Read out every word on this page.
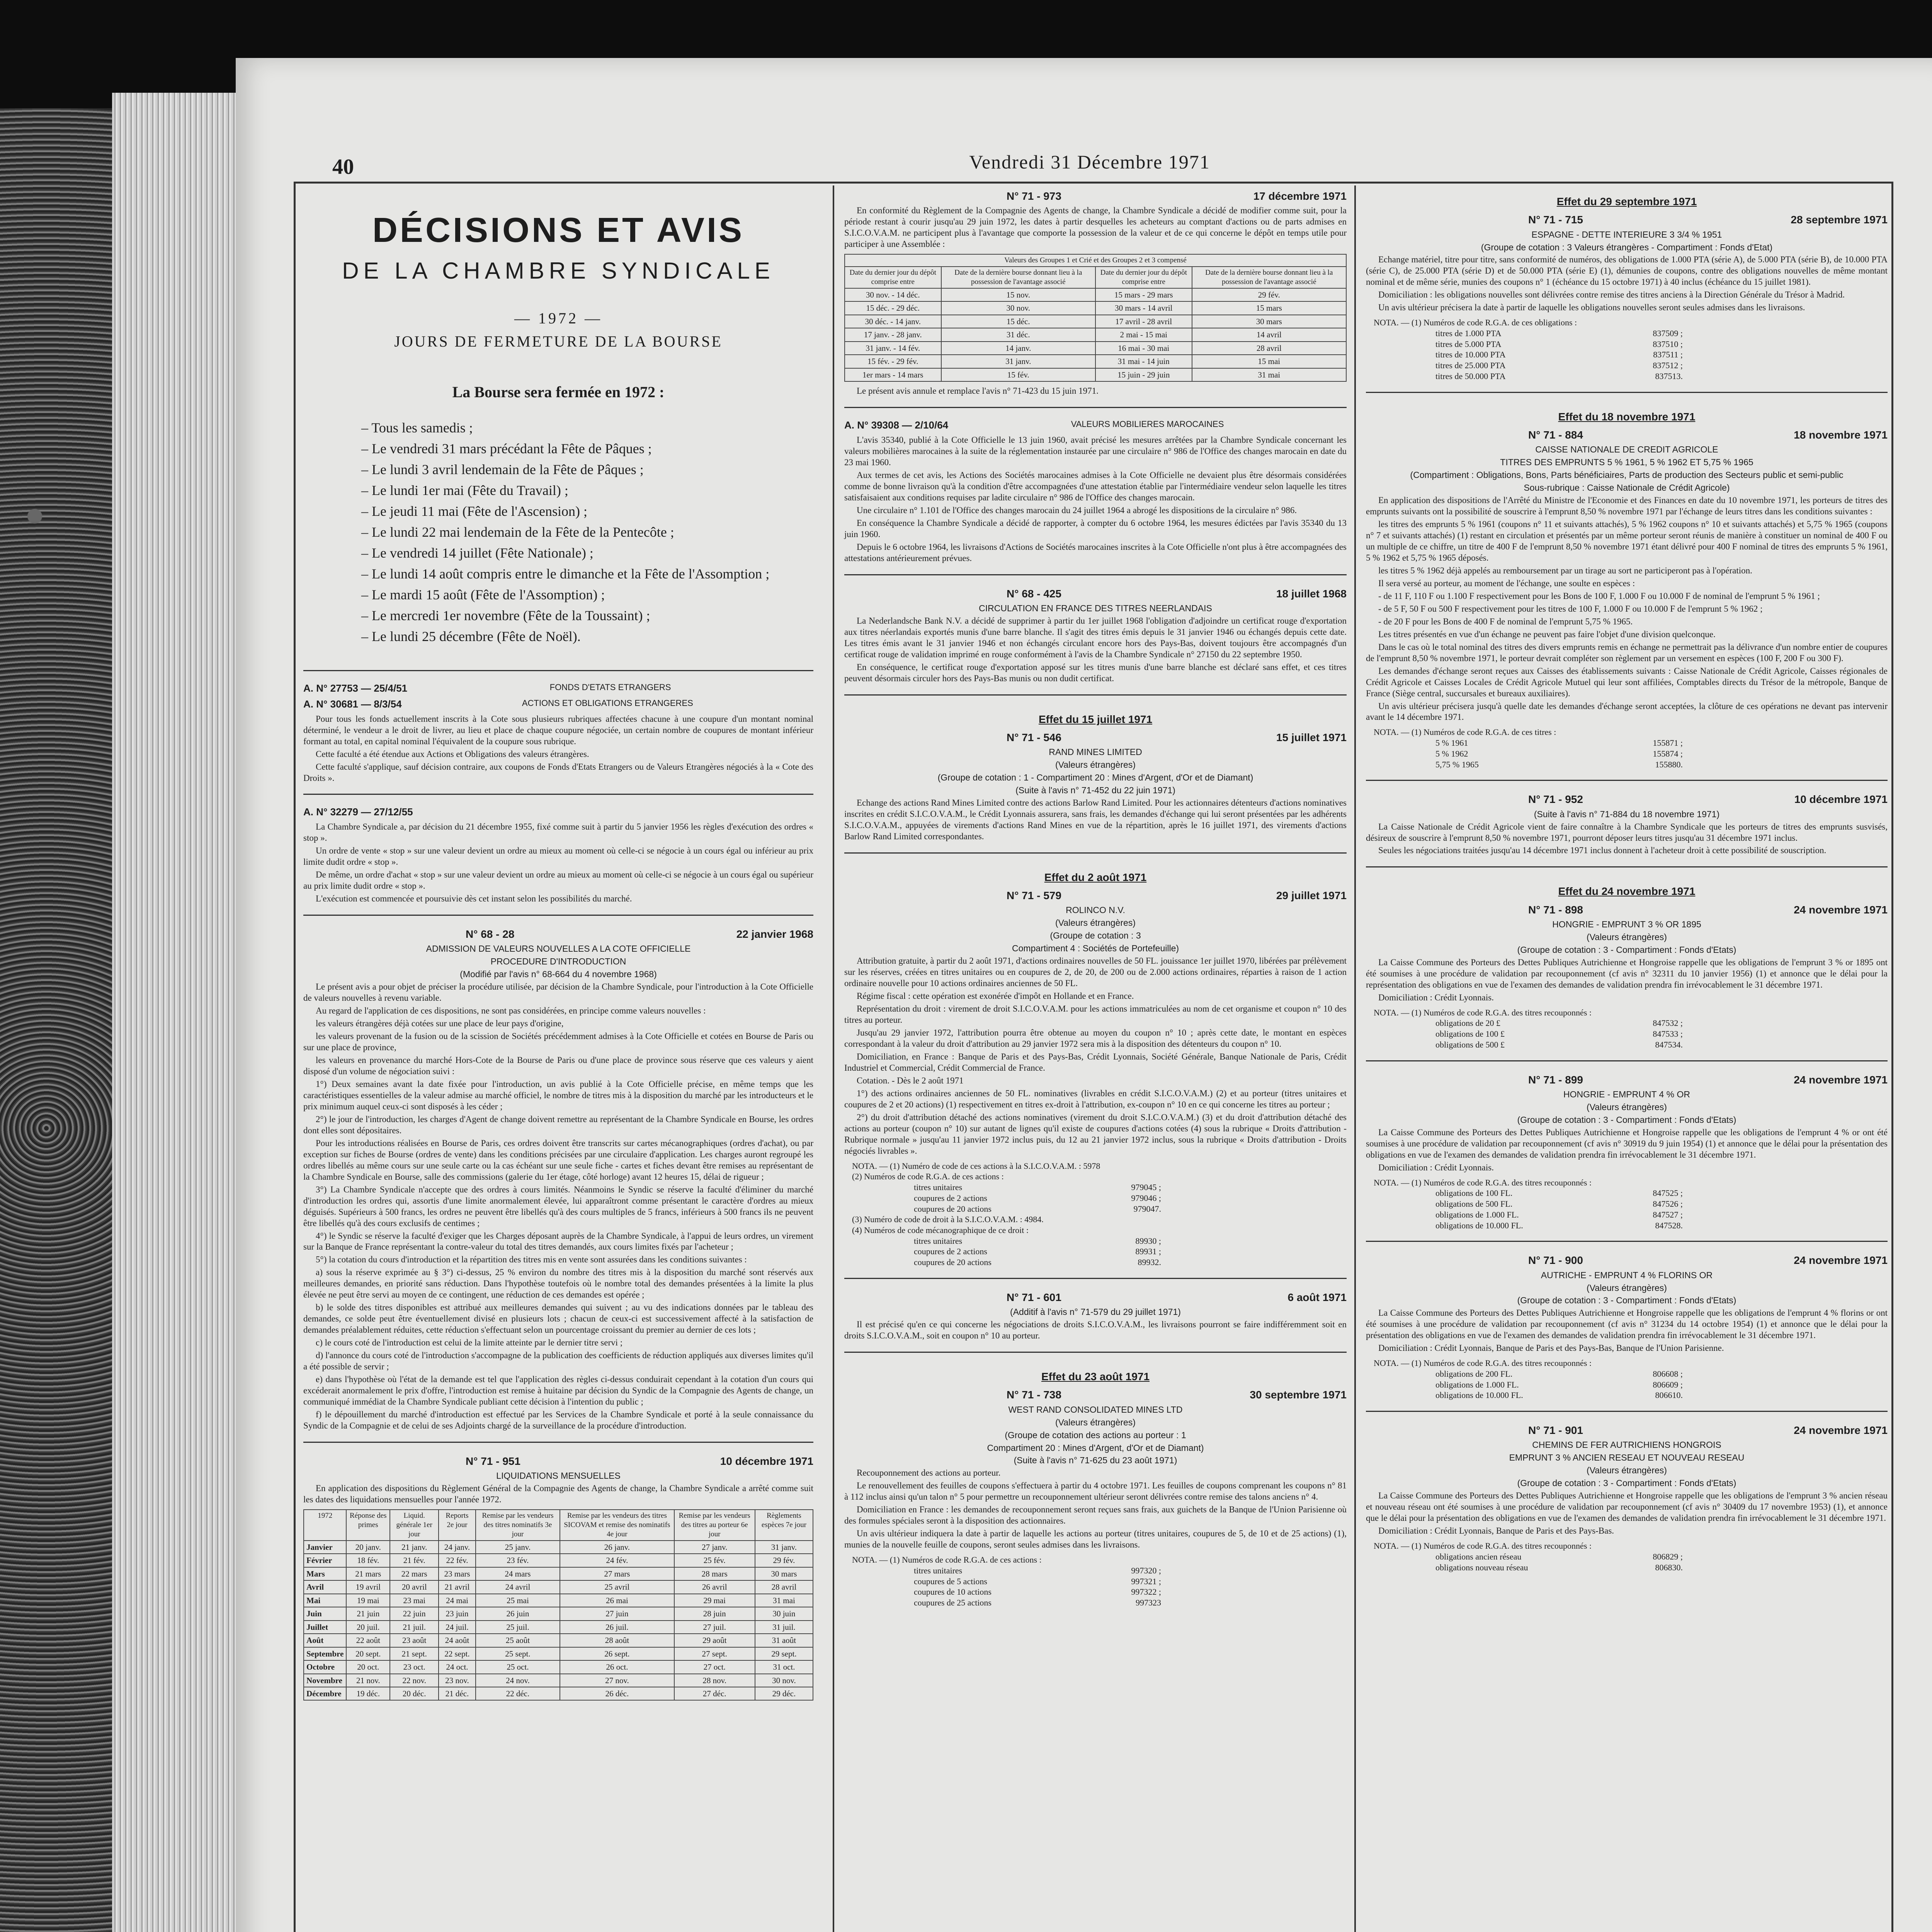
40	Vendredi 31 Décembre 1971
DÉCISIONS ET AVIS
DE LA CHAMBRE SYNDICALE
— 1972 —
JOURS DE FERMETURE DE LA BOURSE
La Bourse sera fermée en 1972 :
– Tous les samedis ;
– Le vendredi 31 mars précédant la Fête de Pâques ;
– Le lundi 3 avril lendemain de la Fête de Pâques ;
– Le lundi 1er mai (Fête du Travail) ;
– Le jeudi 11 mai (Fête de l'Ascension) ;
– Le lundi 22 mai lendemain de la Fête de la Pentecôte ;
– Le vendredi 14 juillet (Fête Nationale) ;
– Le lundi 14 août compris entre le dimanche et la Fête de l'Assomption ;
– Le mardi 15 août (Fête de l'Assomption) ;
– Le mercredi 1er novembre (Fête de la Toussaint) ;
– Le lundi 25 décembre (Fête de Noël).
A. N° 27753 — 25/4/51	FONDS D'ETATS ETRANGERS
A. N° 30681 — 8/3/54	ACTIONS ET OBLIGATIONS ETRANGERES

Pour tous les fonds actuellement inscrits à la Cote sous plusieurs rubriques affectées chacune à une coupure d'un montant nominal déterminé, le vendeur a le droit de livrer, au lieu et place de chaque coupure négociée, un certain nombre de coupures de montant inférieur formant au total, en capital nominal l'équivalent de la coupure sous rubrique.

Cette faculté a été étendue aux Actions et Obligations des valeurs étrangères.

Cette faculté s'applique, sauf décision contraire, aux coupons de Fonds d'Etats Etrangers ou de Valeurs Etrangères négociés à la « Cote des Droits ».

A. N° 32279 — 27/12/55

La Chambre Syndicale a, par décision du 21 décembre 1955, fixé comme suit à partir du 5 janvier 1956 les règles d'exécution des ordres « stop ».

Un ordre de vente « stop » sur une valeur devient un ordre au mieux au moment où celle-ci se négocie à un cours égal ou inférieur au prix limite dudit ordre « stop ».

De même, un ordre d'achat « stop » sur une valeur devient un ordre au mieux au moment où celle-ci se négocie à un cours égal ou supérieur au prix limite dudit ordre « stop ».

L'exécution est commencée et poursuivie dès cet instant selon les possibilités du marché.

N° 68 - 28	22 janvier 1968
ADMISSION DE VALEURS NOUVELLES A LA COTE OFFICIELLE
PROCEDURE D'INTRODUCTION
(Modifié par l'avis n° 68-664 du 4 novembre 1968)

Le présent avis a pour objet de préciser la procédure utilisée, par décision de la Chambre Syndicale, pour l'introduction à la Cote Officielle de valeurs nouvelles à revenu variable.

Au regard de l'application de ces dispositions, ne sont pas considérées, en principe comme valeurs nouvelles :

les valeurs étrangères déjà cotées sur une place de leur pays d'origine,

les valeurs provenant de la fusion ou de la scission de Sociétés précédemment admises à la Cote Officielle et cotées en Bourse de Paris ou sur une place de province,

les valeurs en provenance du marché Hors-Cote de la Bourse de Paris ou d'une place de province sous réserve que ces valeurs y aient disposé d'un volume de négociation suivi :

1°) Deux semaines avant la date fixée pour l'introduction, un avis publié à la Cote Officielle précise, en même temps que les caractéristiques essentielles de la valeur admise au marché officiel, le nombre de titres mis à la disposition du marché par les introducteurs et le prix minimum auquel ceux-ci sont disposés à les céder ;

2°) le jour de l'introduction, les charges d'Agent de change doivent remettre au représentant de la Chambre Syndicale en Bourse, les ordres dont elles sont dépositaires.

Pour les introductions réalisées en Bourse de Paris, ces ordres doivent être transcrits sur cartes mécanographiques (ordres d'achat), ou par exception sur fiches de Bourse (ordres de vente) dans les conditions précisées par une circulaire d'application. Les charges auront regroupé les ordres libellés au même cours sur une seule carte ou la cas échéant sur une seule fiche - cartes et fiches devant être remises au représentant de la Chambre Syndicale en Bourse, salle des commissions (galerie du 1er étage, côté horloge) avant 12 heures 15, délai de rigueur ;

3°) La Chambre Syndicale n'accepte que des ordres à cours limités. Néanmoins le Syndic se réserve la faculté d'éliminer du marché d'introduction les ordres qui, assortis d'une limite anormalement élevée, lui apparaîtront comme présentant le caractère d'ordres au mieux déguisés. Supérieurs à 500 francs, les ordres ne peuvent être libellés qu'à des cours multiples de 5 francs, inférieurs à 500 francs ils ne peuvent être libellés qu'à des cours exclusifs de centimes ;

4°) le Syndic se réserve la faculté d'exiger que les Charges déposant auprès de la Chambre Syndicale, à l'appui de leurs ordres, un virement sur la Banque de France représentant la contre-valeur du total des titres demandés, aux cours limites fixés par l'acheteur ;

5°) la cotation du cours d'introduction et la répartition des titres mis en vente sont assurées dans les conditions suivantes :

a) sous la réserve exprimée au § 3°) ci-dessus, 25 % environ du nombre des titres mis à la disposition du marché sont réservés aux meilleures demandes, en priorité sans réduction. Dans l'hypothèse toutefois où le nombre total des demandes présentées à la limite la plus élevée ne peut être servi au moyen de ce contingent, une réduction de ces demandes est opérée ;

b) le solde des titres disponibles est attribué aux meilleures demandes qui suivent ; au vu des indications données par le tableau des demandes, ce solde peut être éventuellement divisé en plusieurs lots ; chacun de ceux-ci est successivement affecté à la satisfaction de demandes préalablement réduites, cette réduction s'effectuant selon un pourcentage croissant du premier au dernier de ces lots ;

c) le cours coté de l'introduction est celui de la limite atteinte par le dernier titre servi ;

d) l'annonce du cours coté de l'introduction s'accompagne de la publication des coefficients de réduction appliqués aux diverses limites qu'il a été possible de servir ;

e) dans l'hypothèse où l'état de la demande est tel que l'application des règles ci-dessus conduirait cependant à la cotation d'un cours qui excéderait anormalement le prix d'offre, l'introduction est remise à huitaine par décision du Syndic de la Compagnie des Agents de change, un communiqué immédiat de la Chambre Syndicale publiant cette décision à l'intention du public ;

f) le dépouillement du marché d'introduction est effectué par les Services de la Chambre Syndicale et porté à la seule connaissance du Syndic de la Compagnie et de celui de ses Adjoints chargé de la surveillance de la procédure d'introduction.

N° 71 - 951	10 décembre 1971
LIQUIDATIONS MENSUELLES

En application des dispositions du Règlement Général de la Compagnie des Agents de change, la Chambre Syndicale a arrêté comme suit les dates des liquidations mensuelles pour l'année 1972.

1972	Réponse des primes	Liquid. générale 1er jour	Reports 2e jour	Remise par les vendeurs des titres nominatifs 3e jour	Remise par les vendeurs des titres SICOVAM et remise des nominatifs 4e jour	Remise par les vendeurs des titres au porteur 6e jour	Règlements espèces 7e jour
Janvier	20 janv.	21 janv.	24 janv.	25 janv.	26 janv.	27 janv.	31 janv.
Février	18 fév.	21 fév.	22 fév.	23 fév.	24 fév.	25 fév.	29 fév.
Mars	21 mars	22 mars	23 mars	24 mars	27 mars	28 mars	30 mars
Avril	19 avril	20 avril	21 avril	24 avril	25 avril	26 avril	28 avril
Mai	19 mai	23 mai	24 mai	25 mai	26 mai	29 mai	31 mai
Juin	21 juin	22 juin	23 juin	26 juin	27 juin	28 juin	30 juin
Juillet	20 juil.	21 juil.	24 juil.	25 juil.	26 juil.	27 juil.	31 juil.
Août	22 août	23 août	24 août	25 août	28 août	29 août	31 août
Septembre	20 sept.	21 sept.	22 sept.	25 sept.	26 sept.	27 sept.	29 sept.
Octobre	20 oct.	23 oct.	24 oct.	25 oct.	26 oct.	27 oct.	31 oct.
Novembre	21 nov.	22 nov.	23 nov.	24 nov.	27 nov.	28 nov.	30 nov.
Décembre	19 déc.	20 déc.	21 déc.	22 déc.	26 déc.	27 déc.	29 déc.
N° 71 - 973	17 décembre 1971

En conformité du Règlement de la Compagnie des Agents de change, la Chambre Syndicale a décidé de modifier comme suit, pour la période restant à courir jusqu'au 29 juin 1972, les dates à partir desquelles les acheteurs au comptant d'actions ou de parts admises en S.I.C.O.V.A.M. ne participent plus à l'avantage que comporte la possession de la valeur et de ce qui concerne le dépôt en temps utile pour participer à une Assemblée :

Valeurs des Groupes 1 et Crié et des Groupes 2 et 3 compensé			
Date du dernier jour du dépôt comprise entre	Date de la dernière bourse donnant lieu à la possession de l'avantage associé	Date du dernier jour du dépôt comprise entre	Date de la dernière bourse donnant lieu à la possession de l'avantage associé
30 nov. - 14 déc.	15 nov.	15 mars - 29 mars	29 fév.
15 déc. - 29 déc.	30 nov.	30 mars - 14 avril	15 mars
30 déc. - 14 janv.	15 déc.	17 avril - 28 avril	30 mars
17 janv. - 28 janv.	31 déc.	2 mai - 15 mai	14 avril
31 janv. - 14 fév.	14 janv.	16 mai - 30 mai	28 avril
15 fév. - 29 fév.	31 janv.	31 mai - 14 juin	15 mai
1er mars - 14 mars	15 fév.	15 juin - 29 juin	31 mai

Le présent avis annule et remplace l'avis n° 71-423 du 15 juin 1971.

A. N° 39308 — 2/10/64	VALEURS MOBILIERES MAROCAINES

L'avis 35340, publié à la Cote Officielle le 13 juin 1960, avait précisé les mesures arrêtées par la Chambre Syndicale concernant les valeurs mobilières marocaines à la suite de la réglementation instaurée par une circulaire n° 986 de l'Office des changes marocain en date du 23 mai 1960.

Aux termes de cet avis, les Actions des Sociétés marocaines admises à la Cote Officielle ne devaient plus être désormais considérées comme de bonne livraison qu'à la condition d'être accompagnées d'une attestation établie par l'intermédiaire vendeur selon laquelle les titres satisfaisaient aux conditions requises par ladite circulaire n° 986 de l'Office des changes marocain.

Une circulaire n° 1.101 de l'Office des changes marocain du 24 juillet 1964 a abrogé les dispositions de la circulaire n° 986.

En conséquence la Chambre Syndicale a décidé de rapporter, à compter du 6 octobre 1964, les mesures édictées par l'avis 35340 du 13 juin 1960.

Depuis le 6 octobre 1964, les livraisons d'Actions de Sociétés marocaines inscrites à la Cote Officielle n'ont plus à être accompagnées des attestations antérieurement prévues.

N° 68 - 425	18 juillet 1968
CIRCULATION EN FRANCE DES TITRES NEERLANDAIS

La Nederlandsche Bank N.V. a décidé de supprimer à partir du 1er juillet 1968 l'obligation d'adjoindre un certificat rouge d'exportation aux titres néerlandais exportés munis d'une barre blanche. Il s'agit des titres émis depuis le 31 janvier 1946 ou échangés depuis cette date. Les titres émis avant le 31 janvier 1946 et non échangés circulant encore hors des Pays-Bas, doivent toujours être accompagnés d'un certificat rouge de validation imprimé en rouge conformément à l'avis de la Chambre Syndicale n° 27150 du 22 septembre 1950.

En conséquence, le certificat rouge d'exportation apposé sur les titres munis d'une barre blanche est déclaré sans effet, et ces titres peuvent désormais circuler hors des Pays-Bas munis ou non dudit certificat.

Effet du 15 juillet 1971
N° 71 - 546	15 juillet 1971
RAND MINES LIMITED
(Valeurs étrangères)
(Groupe de cotation : 1 - Compartiment 20 : Mines d'Argent, d'Or et de Diamant)
(Suite à l'avis n° 71-452 du 22 juin 1971)

Echange des actions Rand Mines Limited contre des actions Barlow Rand Limited. Pour les actionnaires détenteurs d'actions nominatives inscrites en crédit S.I.C.O.V.A.M., le Crédit Lyonnais assurera, sans frais, les demandes d'échange qui lui seront présentées par les adhérents S.I.C.O.V.A.M., appuyées de virements d'actions Rand Mines en vue de la répartition, après le 16 juillet 1971, des virements d'actions Barlow Rand Limited correspondantes.

Effet du 2 août 1971
N° 71 - 579	29 juillet 1971
ROLINCO N.V.
(Valeurs étrangères)
(Groupe de cotation : 3
Compartiment 4 : Sociétés de Portefeuille)

Attribution gratuite, à partir du 2 août 1971, d'actions ordinaires nouvelles de 50 FL. jouissance 1er juillet 1970, libérées par prélèvement sur les réserves, créées en titres unitaires ou en coupures de 2, de 20, de 200 ou de 2.000 actions ordinaires, réparties à raison de 1 action ordinaire nouvelle pour 10 actions ordinaires anciennes de 50 FL.

Régime fiscal : cette opération est exonérée d'impôt en Hollande et en France.

Représentation du droit : virement de droit S.I.C.O.V.A.M. pour les actions immatriculées au nom de cet organisme et coupon n° 10 des titres au porteur.

Jusqu'au 29 janvier 1972, l'attribution pourra être obtenue au moyen du coupon n° 10 ; après cette date, le montant en espèces correspondant à la valeur du droit d'attribution au 29 janvier 1972 sera mis à la disposition des détenteurs du coupon n° 10.

Domiciliation, en France : Banque de Paris et des Pays-Bas, Crédit Lyonnais, Société Générale, Banque Nationale de Paris, Crédit Industriel et Commercial, Crédit Commercial de France.

Cotation. - Dès le 2 août 1971

1°) des actions ordinaires anciennes de 50 FL. nominatives (livrables en crédit S.I.C.O.V.A.M.) (2) et au porteur (titres unitaires et coupures de 2 et 20 actions) (1) respectivement en titres ex-droit à l'attribution, ex-coupon n° 10 en ce qui concerne les titres au porteur ;

2°) du droit d'attribution détaché des actions nominatives (virement du droit S.I.C.O.V.A.M.) (3) et du droit d'attribution détaché des actions au porteur (coupon n° 10) sur autant de lignes qu'il existe de coupures d'actions cotées (4) sous la rubrique « Droits d'attribution - Rubrique normale » jusqu'au 11 janvier 1972 inclus puis, du 12 au 21 janvier 1972 inclus, sous la rubrique « Droits d'attribution - Droits négociés livrables ».

NOTA. — (1) Numéro de code de ces actions à la S.I.C.O.V.A.M. : 5978
(2) Numéros de code R.G.A. de ces actions :
titres unitaires	979045 ;
coupures de 2 actions	979046 ;
coupures de 20 actions	979047.
(3) Numéro de code de droit à la S.I.C.O.V.A.M. : 4984.
(4) Numéros de code mécanographique de ce droit :
titres unitaires	89930 ;
coupures de 2 actions	89931 ;
coupures de 20 actions	89932.
N° 71 - 601	6 août 1971
(Additif à l'avis n° 71-579 du 29 juillet 1971)

Il est précisé qu'en ce qui concerne les négociations de droits S.I.C.O.V.A.M., les livraisons pourront se faire indifféremment soit en droits S.I.C.O.V.A.M., soit en coupon n° 10 au porteur.

Effet du 23 août 1971
N° 71 - 738	30 septembre 1971
WEST RAND CONSOLIDATED MINES LTD
(Valeurs étrangères)
(Groupe de cotation des actions au porteur : 1
Compartiment 20 : Mines d'Argent, d'Or et de Diamant)
(Suite à l'avis n° 71-625 du 23 août 1971)

Recouponnement des actions au porteur.

Le renouvellement des feuilles de coupons s'effectuera à partir du 4 octobre 1971. Les feuilles de coupons comprenant les coupons n° 81 à 112 inclus ainsi qu'un talon n° 5 pour permettre un recouponnement ultérieur seront délivrées contre remise des talons anciens n° 4.

Domiciliation en France : les demandes de recouponnement seront reçues sans frais, aux guichets de la Banque de l'Union Parisienne où des formules spéciales seront à la disposition des actionnaires.

Un avis ultérieur indiquera la date à partir de laquelle les actions au porteur (titres unitaires, coupures de 5, de 10 et de 25 actions) (1), munies de la nouvelle feuille de coupons, seront seules admises dans les livraisons.

NOTA. — (1) Numéros de code R.G.A. de ces actions :
titres unitaires	997320 ;
coupures de 5 actions	997321 ;
coupures de 10 actions	997322 ;
coupures de 25 actions	997323
Effet du 29 septembre 1971
N° 71 - 715	28 septembre 1971
ESPAGNE - DETTE INTERIEURE 3 3/4 % 1951
(Groupe de cotation : 3 Valeurs étrangères - Compartiment : Fonds d'Etat)

Echange matériel, titre pour titre, sans conformité de numéros, des obligations de 1.000 PTA (série A), de 5.000 PTA (série B), de 10.000 PTA (série C), de 25.000 PTA (série D) et de 50.000 PTA (série E) (1), démunies de coupons, contre des obligations nouvelles de même montant nominal et de même série, munies des coupons n° 1 (échéance du 15 octobre 1971) à 40 inclus (échéance du 15 juillet 1981).

Domiciliation : les obligations nouvelles sont délivrées contre remise des titres anciens à la Direction Générale du Trésor à Madrid.

Un avis ultérieur précisera la date à partir de laquelle les obligations nouvelles seront seules admises dans les livraisons.

NOTA. — (1) Numéros de code R.G.A. de ces obligations :
titres de 1.000 PTA	837509 ;
titres de 5.000 PTA	837510 ;
titres de 10.000 PTA	837511 ;
titres de 25.000 PTA	837512 ;
titres de 50.000 PTA	837513.
Effet du 18 novembre 1971
N° 71 - 884	18 novembre 1971
CAISSE NATIONALE DE CREDIT AGRICOLE
TITRES DES EMPRUNTS 5 % 1961, 5 % 1962 ET 5,75 % 1965
(Compartiment : Obligations, Bons, Parts bénéficiaires, Parts de production des Secteurs public et semi-public
Sous-rubrique : Caisse Nationale de Crédit Agricole)

En application des dispositions de l'Arrêté du Ministre de l'Economie et des Finances en date du 10 novembre 1971, les porteurs de titres des emprunts suivants ont la possibilité de souscrire à l'emprunt 8,50 % novembre 1971 par l'échange de leurs titres dans les conditions suivantes :

les titres des emprunts 5 % 1961 (coupons n° 11 et suivants attachés), 5 % 1962 coupons n° 10 et suivants attachés) et 5,75 % 1965 (coupons n° 7 et suivants attachés) (1) restant en circulation et présentés par un même porteur seront réunis de manière à constituer un nominal de 400 F ou un multiple de ce chiffre, un titre de 400 F de l'emprunt 8,50 % novembre 1971 étant délivré pour 400 F nominal de titres des emprunts 5 % 1961, 5 % 1962 et 5,75 % 1965 déposés.

les titres 5 % 1962 déjà appelés au remboursement par un tirage au sort ne participeront pas à l'opération.

Il sera versé au porteur, au moment de l'échange, une soulte en espèces :

- de 11 F, 110 F ou 1.100 F respectivement pour les Bons de 100 F, 1.000 F ou 10.000 F de nominal de l'emprunt 5 % 1961 ;

- de 5 F, 50 F ou 500 F respectivement pour les titres de 100 F, 1.000 F ou 10.000 F de l'emprunt 5 % 1962 ;

- de 20 F pour les Bons de 400 F de nominal de l'emprunt 5,75 % 1965.

Les titres présentés en vue d'un échange ne peuvent pas faire l'objet d'une division quelconque.

Dans le cas où le total nominal des titres des divers emprunts remis en échange ne permettrait pas la délivrance d'un nombre entier de coupures de l'emprunt 8,50 % novembre 1971, le porteur devrait compléter son règlement par un versement en espèces (100 F, 200 F ou 300 F).

Les demandes d'échange seront reçues aux Caisses des établissements suivants : Caisse Nationale de Crédit Agricole, Caisses régionales de Crédit Agricole et Caisses Locales de Crédit Agricole Mutuel qui leur sont affiliées, Comptables directs du Trésor de la métropole, Banque de France (Siège central, succursales et bureaux auxiliaires).

Un avis ultérieur précisera jusqu'à quelle date les demandes d'échange seront acceptées, la clôture de ces opérations ne devant pas intervenir avant le 14 décembre 1971.

NOTA. — (1) Numéros de code R.G.A. de ces titres :
5 % 1961	155871 ;
5 % 1962	155874 ;
5,75 % 1965	155880.
N° 71 - 952	10 décembre 1971
(Suite à l'avis n° 71-884 du 18 novembre 1971)

La Caisse Nationale de Crédit Agricole vient de faire connaître à la Chambre Syndicale que les porteurs de titres des emprunts susvisés, désireux de souscrire à l'emprunt 8,50 % novembre 1971, pourront déposer leurs titres jusqu'au 31 décembre 1971 inclus.

Seules les négociations traitées jusqu'au 14 décembre 1971 inclus donnent à l'acheteur droit à cette possibilité de souscription.

Effet du 24 novembre 1971
N° 71 - 898	24 novembre 1971
HONGRIE - EMPRUNT 3 % OR 1895
(Valeurs étrangères)
(Groupe de cotation : 3 - Compartiment : Fonds d'Etats)

La Caisse Commune des Porteurs des Dettes Publiques Autrichienne et Hongroise rappelle que les obligations de l'emprunt 3 % or 1895 ont été soumises à une procédure de validation par recouponnement (cf avis n° 32311 du 10 janvier 1956) (1) et annonce que le délai pour la représentation des obligations en vue de l'examen des demandes de validation prendra fin irrévocablement le 31 décembre 1971.

Domiciliation : Crédit Lyonnais.

NOTA. — (1) Numéros de code R.G.A. des titres recouponnés :
obligations de 20 £	847532 ;
obligations de 100 £	847533 ;
obligations de 500 £	847534.
N° 71 - 899	24 novembre 1971
HONGRIE - EMPRUNT 4 % OR
(Valeurs étrangères)
(Groupe de cotation : 3 - Compartiment : Fonds d'Etats)

La Caisse Commune des Porteurs des Dettes Publiques Autrichienne et Hongroise rappelle que les obligations de l'emprunt 4 % or ont été soumises à une procédure de validation par recouponnement (cf avis n° 30919 du 9 juin 1954) (1) et annonce que le délai pour la présentation des obligations en vue de l'examen des demandes de validation prendra fin irrévocablement le 31 décembre 1971.

Domiciliation : Crédit Lyonnais.

NOTA. — (1) Numéros de code R.G.A. des titres recouponnés :
obligations de 100 FL.	847525 ;
obligations de 500 FL.	847526 ;
obligations de 1.000 FL.	847527 ;
obligations de 10.000 FL.	847528.
N° 71 - 900	24 novembre 1971
AUTRICHE - EMPRUNT 4 % FLORINS OR
(Valeurs étrangères)
(Groupe de cotation : 3 - Compartiment : Fonds d'Etats)

La Caisse Commune des Porteurs des Dettes Publiques Autrichienne et Hongroise rappelle que les obligations de l'emprunt 4 % florins or ont été soumises à une procédure de validation par recouponnement (cf avis n° 31234 du 14 octobre 1954) (1) et annonce que le délai pour la présentation des obligations en vue de l'examen des demandes de validation prendra fin irrévocablement le 31 décembre 1971.

Domiciliation : Crédit Lyonnais, Banque de Paris et des Pays-Bas, Banque de l'Union Parisienne.

NOTA. — (1) Numéros de code R.G.A. des titres recouponnés :
obligations de 200 FL.	806608 ;
obligations de 1.000 FL.	806609 ;
obligations de 10.000 FL.	806610.
N° 71 - 901	24 novembre 1971
CHEMINS DE FER AUTRICHIENS HONGROIS
EMPRUNT 3 % ANCIEN RESEAU ET NOUVEAU RESEAU
(Valeurs étrangères)
(Groupe de cotation : 3 - Compartiment : Fonds d'Etats)

La Caisse Commune des Porteurs des Dettes Publiques Autrichienne et Hongroise rappelle que les obligations de l'emprunt 3 % ancien réseau et nouveau réseau ont été soumises à une procédure de validation par recouponnement (cf avis n° 30409 du 17 novembre 1953) (1), et annonce que le délai pour la présentation des obligations en vue de l'examen des demandes de validation prendra fin irrévocablement le 31 décembre 1971.

Domiciliation : Crédit Lyonnais, Banque de Paris et des Pays-Bas.

NOTA. — (1) Numéros de code R.G.A. des titres recouponnés :
obligations ancien réseau	806829 ;
obligations nouveau réseau	806830.
